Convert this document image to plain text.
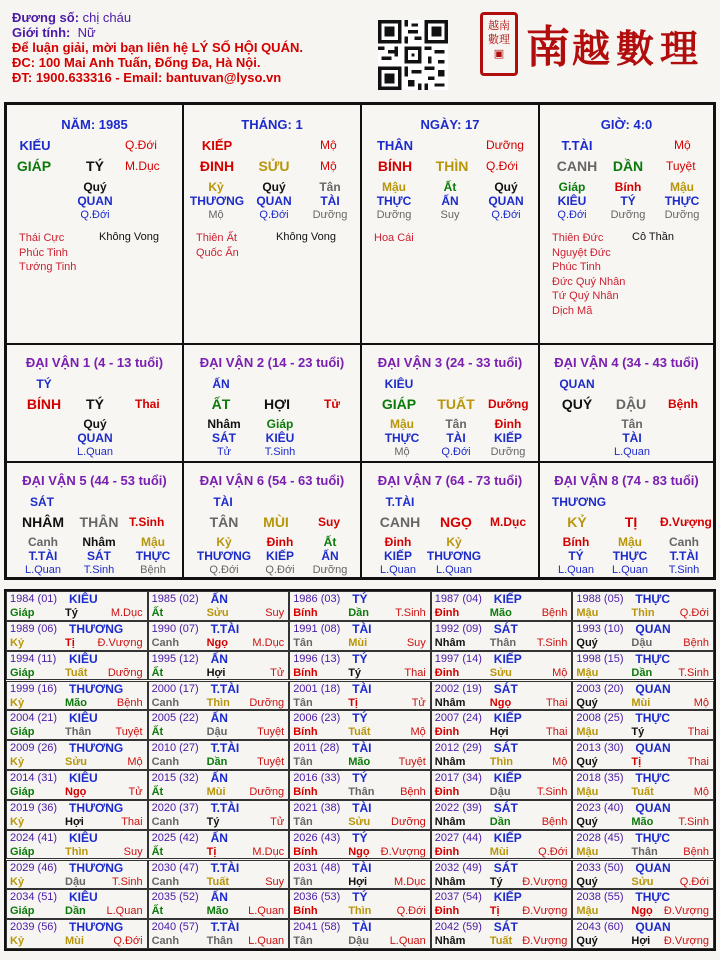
Đương số: chị cháu
Giới tính: Nữ
Để luận giải, mời bạn liên hệ LÝ SỐ HỘI QUÁN.
ĐC: 100 Mai Anh Tuấn, Đống Đa, Hà Nội.
ĐT: 1900.633316 - Email: bantuvan@lyso.vn
越南
數理
▣ 南 越 數 理
NĂM: 1985
KIẾU	Q.Đới
GIÁP	TÝ	M.Dục
Quý
QUAN
Q.Đới
Thái Cực
Phúc Tinh
Tướng Tinh
Không Vong
THÁNG: 1
KIẾP	Mộ
ĐINH	SỬU	Mộ
Kỷ
THƯƠNG
Mộ
Quý
QUAN
Q.Đới
Tân
TÀI
Dưỡng
Thiên Ất
Quốc Ấn
Không Vong
NGÀY: 17
THÂN	Dưỡng
BÍNH	THÌN	Q.Đới
Mậu
THỰC
Dưỡng
Ất
ẤN
Suy
Quý
QUAN
Q.Đới
Hoa Cái
GIỜ: 4:0
T.TÀI	Mộ
CANH	DẦN	Tuyệt
Giáp
KIÊU
Q.Đới
Bính
TÝ
Dưỡng
Mậu
THỰC
Dưỡng
Thiên Đức
Nguyệt Đức
Phúc Tinh
Đức Quý Nhân
Tứ Quý Nhân
Dịch Mã
Cô Thần
ĐẠI VẬN 1 (4 - 13 tuổi)
TÝ
BÍNH	TÝ	Thai
Quý
QUAN
L.Quan
ĐẠI VẬN 2 (14 - 23 tuổi)
ẤN
ẤT	HỢI	Tử
Nhâm
SÁT
Tử
Giáp
KIÊU
T.Sinh
ĐẠI VẬN 3 (24 - 33 tuổi)
KIÊU
GIÁP	TUẤT	Dưỡng
Mậu
THỰC
Mộ
Tân
TÀI
Q.Đới
Đinh
KIẾP
Dưỡng
ĐẠI VẬN 4 (34 - 43 tuổi)
QUAN
QUÝ	DẬU	Bệnh
Tân
TÀI
L.Quan
ĐẠI VẬN 5 (44 - 53 tuổi)
SÁT
NHÂM	THÂN T.Sinh
Canh
T.TÀI
L.Quan
Nhâm
SÁT
T.Sinh
Mậu
THỰC
Bệnh
ĐẠI VẬN 6 (54 - 63 tuổi)
TÀI
TÂN	MÙI	Suy
Kỷ
THƯƠNG
Q.Đới
Đinh
KIẾP
Q.Đới
Ất
ẤN
Dưỡng
ĐẠI VẬN 7 (64 - 73 tuổi)
T.TÀI
CANH	NGỌ	M.Dục
Đinh
KIẾP
L.Quan
Kỷ
THƯƠNG
L.Quan
ĐẠI VẬN 8 (74 - 83 tuổi)
THƯƠNG
KỶ	TỊ	Đ.Vượng
Bính
TÝ
L.Quan
Mậu
THỰC
L.Quan
Canh
T.TÀI
T.Sinh
1984 (01) KIÊU
Giáp	Tý	M.Dục
1985 (02) ẤN
Ất	Sửu	Suy
1986 (03) TÝ
Bính	Dần T.Sinh
1987 (04) KIẾP
Đinh	Mão	Bệnh
1988 (05) THỰC
Mậu	Thìn Q.Đới
1989 (06) THƯƠNG
Kỷ	Tị Đ.Vượng
1990 (07) T.TÀI
Canh	Ngọ M.Dục
1991 (08) TÀI
Tân	Mùi	Suy
1992 (09) SÁT
Nhâm Thân T.Sinh
1993 (10) QUAN
Quý	Dậu	Bệnh
1994 (11) KIÊU
Giáp	Tuất Dưỡng
1995 (12) ẤN
Ất	Hợi	Tử
1996 (13) TÝ
Bính	Tý	Thai
1997 (14) KIẾP
Đinh	Sửu	Mộ
1998 (15) THỰC
Mậu	Dần T.Sinh
1999 (16) THƯƠNG
Kỷ	Mão	Bệnh
2000 (17) T.TÀI
Canh	Thìn Dưỡng
2001 (18) TÀI
Tân	Tị	Tử
2002 (19) SÁT
Nhâm Ngọ	Thai
2003 (20) QUAN
Quý	Mùi	Mộ
2004 (21) KIÊU
Giáp	Thân Tuyệt
2005 (22) ẤN
Ất	Dậu	Tuyệt
2006 (23) TÝ
Bính	Tuất	Mộ
2007 (24) KIẾP
Đinh	Hợi	Thai
2008 (25) THỰC
Mậu	Tý	Thai
2009 (26) THƯƠNG
Kỷ	Sửu	Mộ
2010 (27) T.TÀI
Canh	Dần	Tuyệt
2011 (28) TÀI
Tân	Mão	Tuyệt
2012 (29) SÁT
Nhâm Thìn	Mộ
2013 (30) QUAN
Quý	Tị	Thai
2014 (31) KIÊU
Giáp	Ngọ	Tử
2015 (32) ẤN
Ất	Mùi Dưỡng
2016 (33) TÝ
Bính	Thân Bệnh
2017 (34) KIẾP
Đinh	Dậu T.Sinh
2018 (35) THỰC
Mậu	Tuất	Mộ
2019 (36) THƯƠNG
Kỷ	Hợi	Thai
2020 (37) T.TÀI
Canh	Tý	Tử
2021 (38) TÀI
Tân	Sửu Dưỡng
2022 (39) SÁT
Nhâm Dần	Bệnh
2023 (40) QUAN
Quý	Mão T.Sinh
2024 (41) KIÊU
Giáp	Thìn	Suy
2025 (42) ẤN
Ất	Tị	M.Dục
2026 (43) TÝ
Bính	Ngọ Đ.Vượng
2027 (44) KIẾP
Đinh	Mùi	Q.Đới
2028 (45) THỰC
Mậu	Thân Bệnh
2029 (46) THƯƠNG
Kỷ	Dậu T.Sinh
2030 (47) T.TÀI
Canh	Tuất	Suy
2031 (48) TÀI
Tân	Hợi M.Dục
2032 (49) SÁT
Nhâm Tý Đ.Vượng
2033 (50) QUAN
Quý	Sửu Q.Đới
2034 (51) KIÊU
Giáp	Dần L.Quan
2035 (52) ẤN
Ất	Mão L.Quan
2036 (53) TÝ
Bính	Thìn Q.Đới
2037 (54) KIẾP
Đinh	Tị Đ.Vượng
2038 (55) THỰC
Mậu	Ngọ Đ.Vượng
2039 (56) THƯƠNG
Kỷ	Mùi	Q.Đới
2040 (57) T.TÀI
Canh	Thân L.Quan
2041 (58) TÀI
Tân	Dậu L.Quan
2042 (59) SÁT
Nhâm Tuất Đ.Vượng
2043 (60) QUAN
Quý	Hợi Đ.Vượng
